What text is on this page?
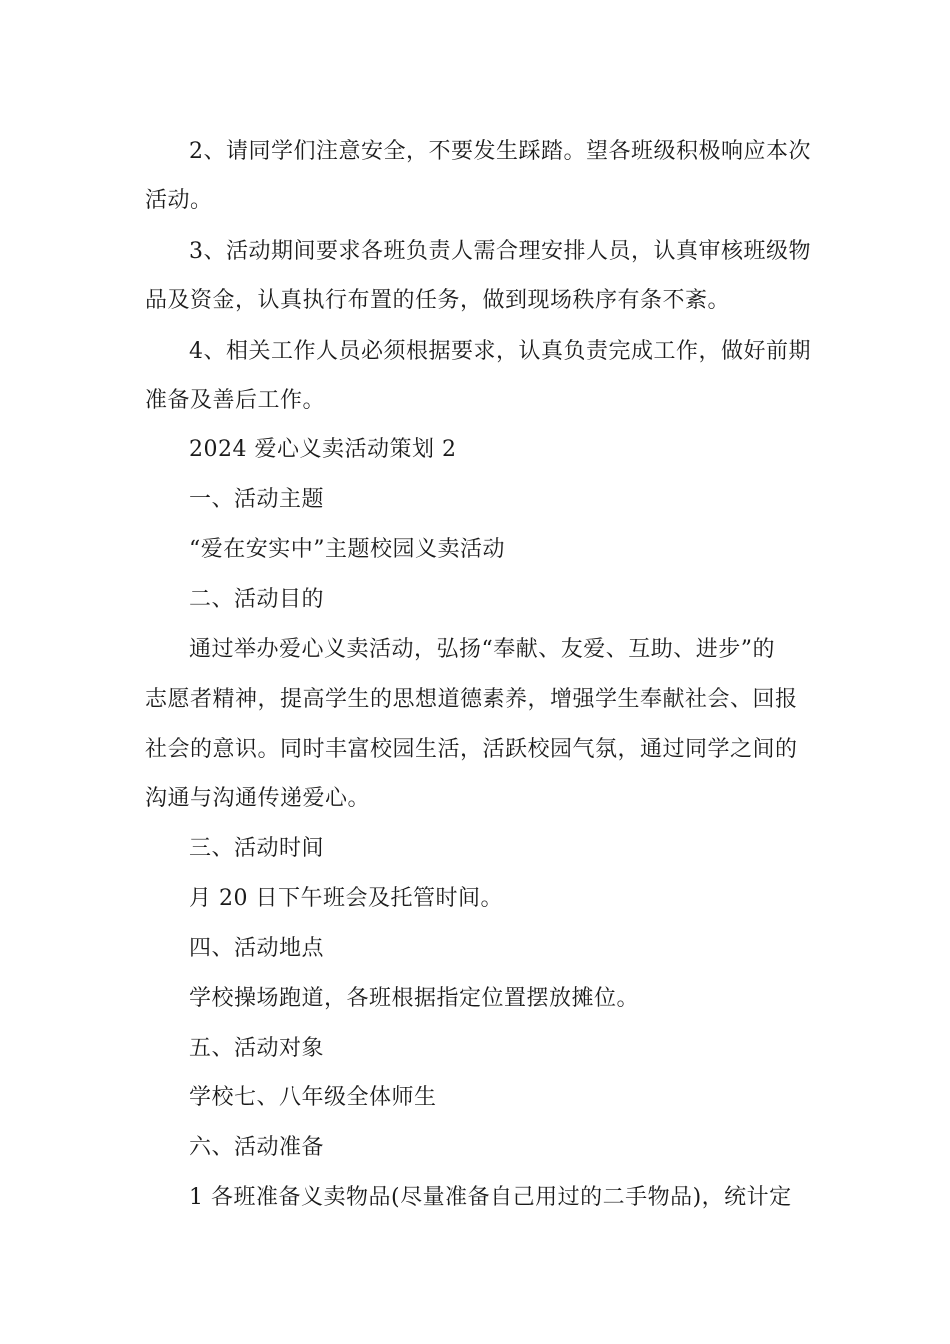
2、请同学们注意安全，不要发生踩踏。望各班级积极响应本次
活动。
3、活动期间要求各班负责人需合理安排人员，认真审核班级物
品及资金，认真执行布置的任务，做到现场秩序有条不紊。
4、相关工作人员必须根据要求，认真负责完成工作，做好前期
准备及善后工作。
2024 爱心义卖活动策划 2
一、活动主题
“爱在安实中”主题校园义卖活动
二、活动目的
通过举办爱心义卖活动，弘扬“奉献、友爱、互助、进步”的
志愿者精神，提高学生的思想道德素养，增强学生奉献社会、回报
社会的意识。同时丰富校园生活，活跃校园气氛，通过同学之间的
沟通与沟通传递爱心。
三、活动时间
月 20 日下午班会及托管时间。
四、活动地点
学校操场跑道，各班根据指定位置摆放摊位。
五、活动对象
学校七、八年级全体师生
六、活动准备
1 各班准备义卖物品(尽量准备自己用过的二手物品)，统计定
